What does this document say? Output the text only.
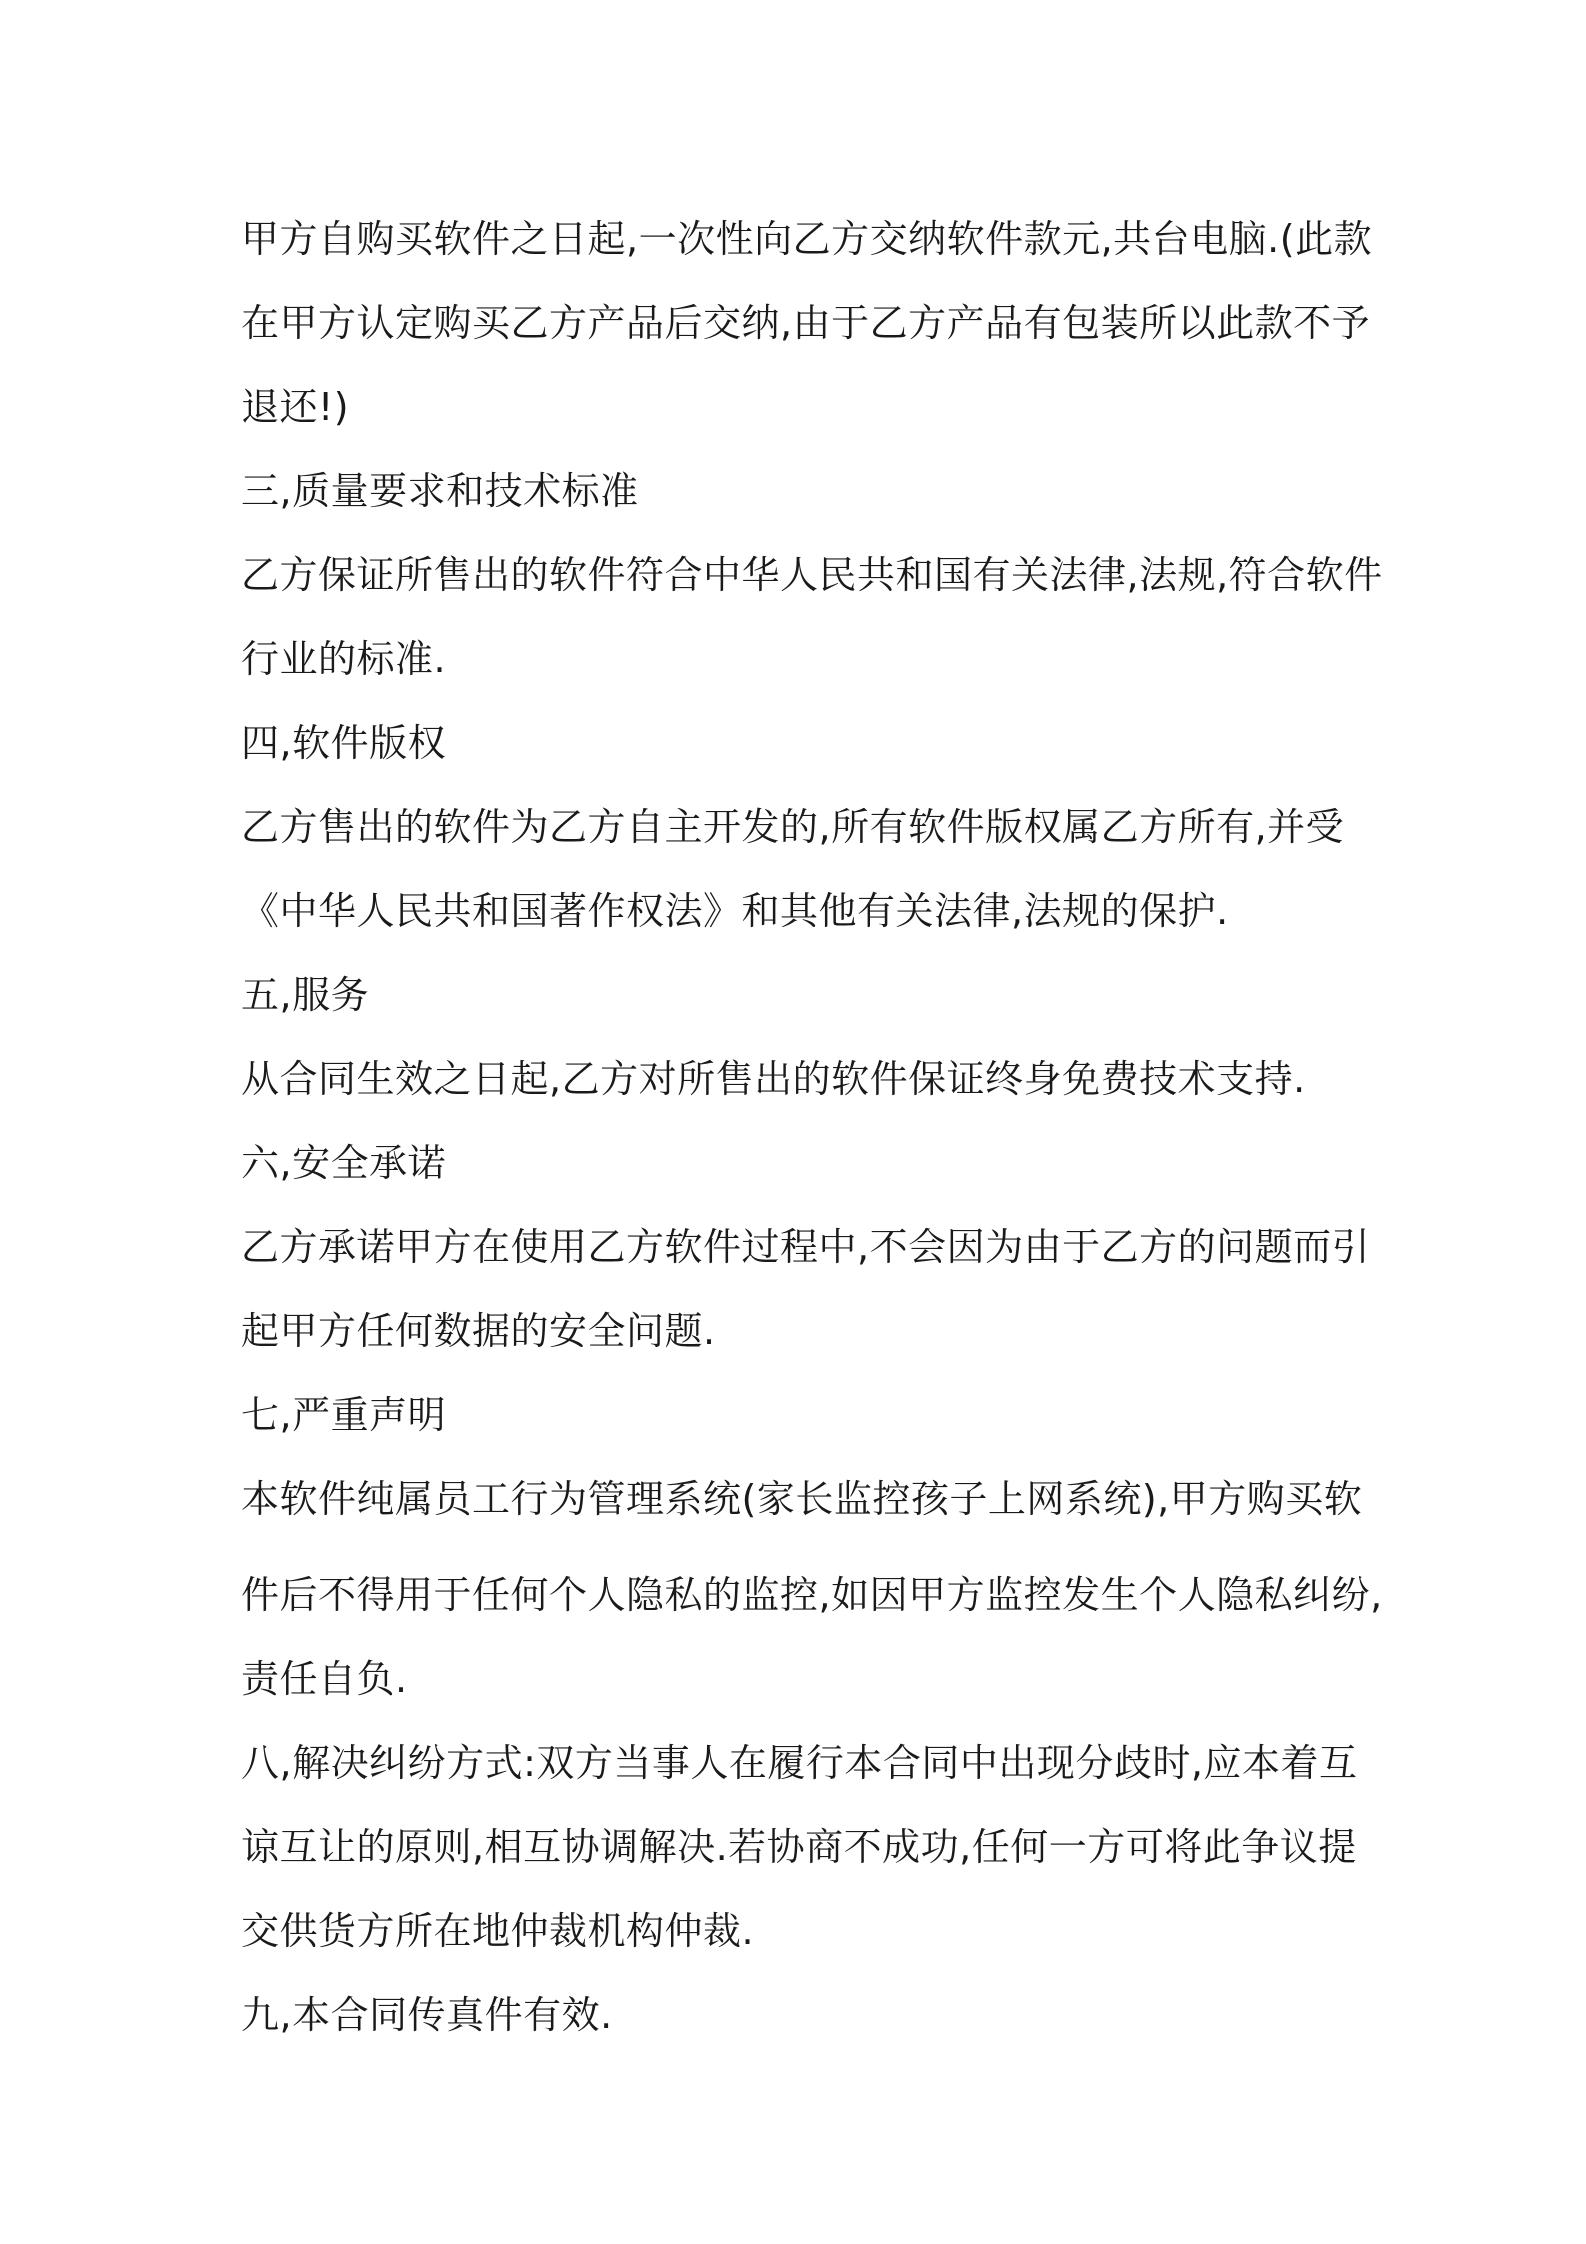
甲方自购买软件之日起,一次性向乙方交纳软件款元,共台电脑.(此款
在甲方认定购买乙方产品后交纳,由于乙方产品有包装所以此款不予
退还!)
三,质量要求和技术标准
乙方保证所售出的软件符合中华人民共和国有关法律,法规,符合软件
行业的标准.
四,软件版权
乙方售出的软件为乙方自主开发的,所有软件版权属乙方所有,并受
《中华人民共和国著作权法》和其他有关法律,法规的保护.
五,服务
从合同生效之日起,乙方对所售出的软件保证终身免费技术支持.
六,安全承诺
乙方承诺甲方在使用乙方软件过程中,不会因为由于乙方的问题而引
起甲方任何数据的安全问题.
七,严重声明
本软件纯属员工行为管理系统(家长监控孩子上网系统),甲方购买软
件后不得用于任何个人隐私的监控,如因甲方监控发生个人隐私纠纷,
责任自负.
八,解决纠纷方式:双方当事人在履行本合同中出现分歧时,应本着互
谅互让的原则,相互协调解决.若协商不成功,任何一方可将此争议提
交供货方所在地仲裁机构仲裁.
九,本合同传真件有效.
